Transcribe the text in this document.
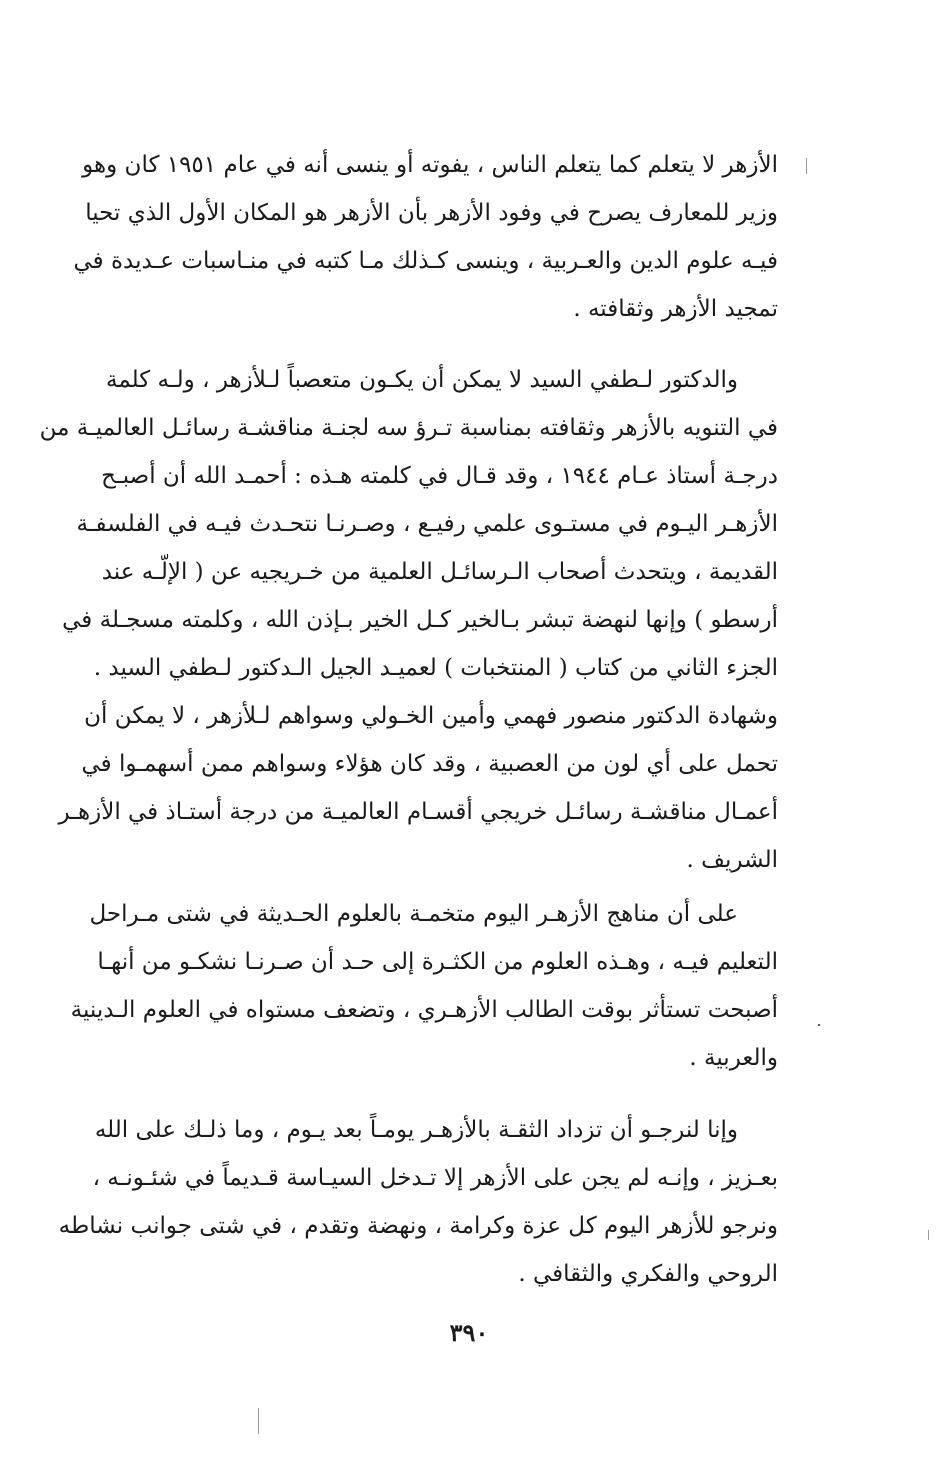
الأزهر لا يتعلم كما يتعلم الناس ، يفوته أو ينسى أنه في عام ١٩٥١ كان وهو
وزير للمعارف يصرح في وفود الأزهر بأن الأزهر هو المكان الأول الذي تحيا
فيـه علوم الدين والعـربية ، وينسى كـذلك مـا كتبه في منـاسبات عـديدة في
تمجيد الأزهر وثقافته .
والدكتور لـطفي السيد لا يمكن أن يكـون متعصباً لـلأزهر ، ولـه كلمة
في التنويه بالأزهر وثقافته بمناسبة تـرؤ سه لجنـة مناقشـة رسائـل العالميـة من
درجـة أستاذ عـام ١٩٤٤ ، وقد قـال في كلمته هـذه : أحمـد الله أن أصبـح
الأزهـر اليـوم في مستـوى علمي رفيـع ، وصـرنـا نتحـدث فيـه في الفلسفـة
القديمة ، ويتحدث أصحاب الـرسائـل العلمية من خـريجيه عن ( الإلّـه عند
أرسطو ) وإنها لنهضة تبشر بـالخير كـل الخير بـإذن الله ، وكلمته مسجـلة في
الجزء الثاني من كتاب ( المنتخبات ) لعميـد الجيل الـدكتور لـطفي السيد .
وشهادة الدكتور منصور فهمي وأمين الخـولي وسواهم لـلأزهر ، لا يمكن أن
تحمل على أي لون من العصبية ، وقد كان هؤلاء وسواهم ممن أسهمـوا في
أعمـال مناقشـة رسائـل خريجي أقسـام العالميـة من درجة أستـاذ في الأزهـر
الشريف .
على أن مناهج الأزهـر اليوم متخمـة بالعلوم الحـديثة في شتى مـراحل
التعليم فيـه ، وهـذه العلوم من الكثـرة إلى حـد أن صـرنـا نشكـو من أنهـا
أصبحت تستأثر بوقت الطالب الأزهـري ، وتضعف مستواه في العلوم الـدينية
والعربية .
وإنا لنرجـو أن تزداد الثقـة بالأزهـر يومـاً بعد يـوم ، وما ذلـك على الله
بعـزيز ، وإنـه لم يجن على الأزهر إلا تـدخل السيـاسة قـديماً في شئـونـه ،
ونرجو للأزهر اليوم كل عزة وكرامة ، ونهضة وتقدم ، في شتى جوانب نشاطه
الروحي والفكري والثقافي .
٣٩٠
